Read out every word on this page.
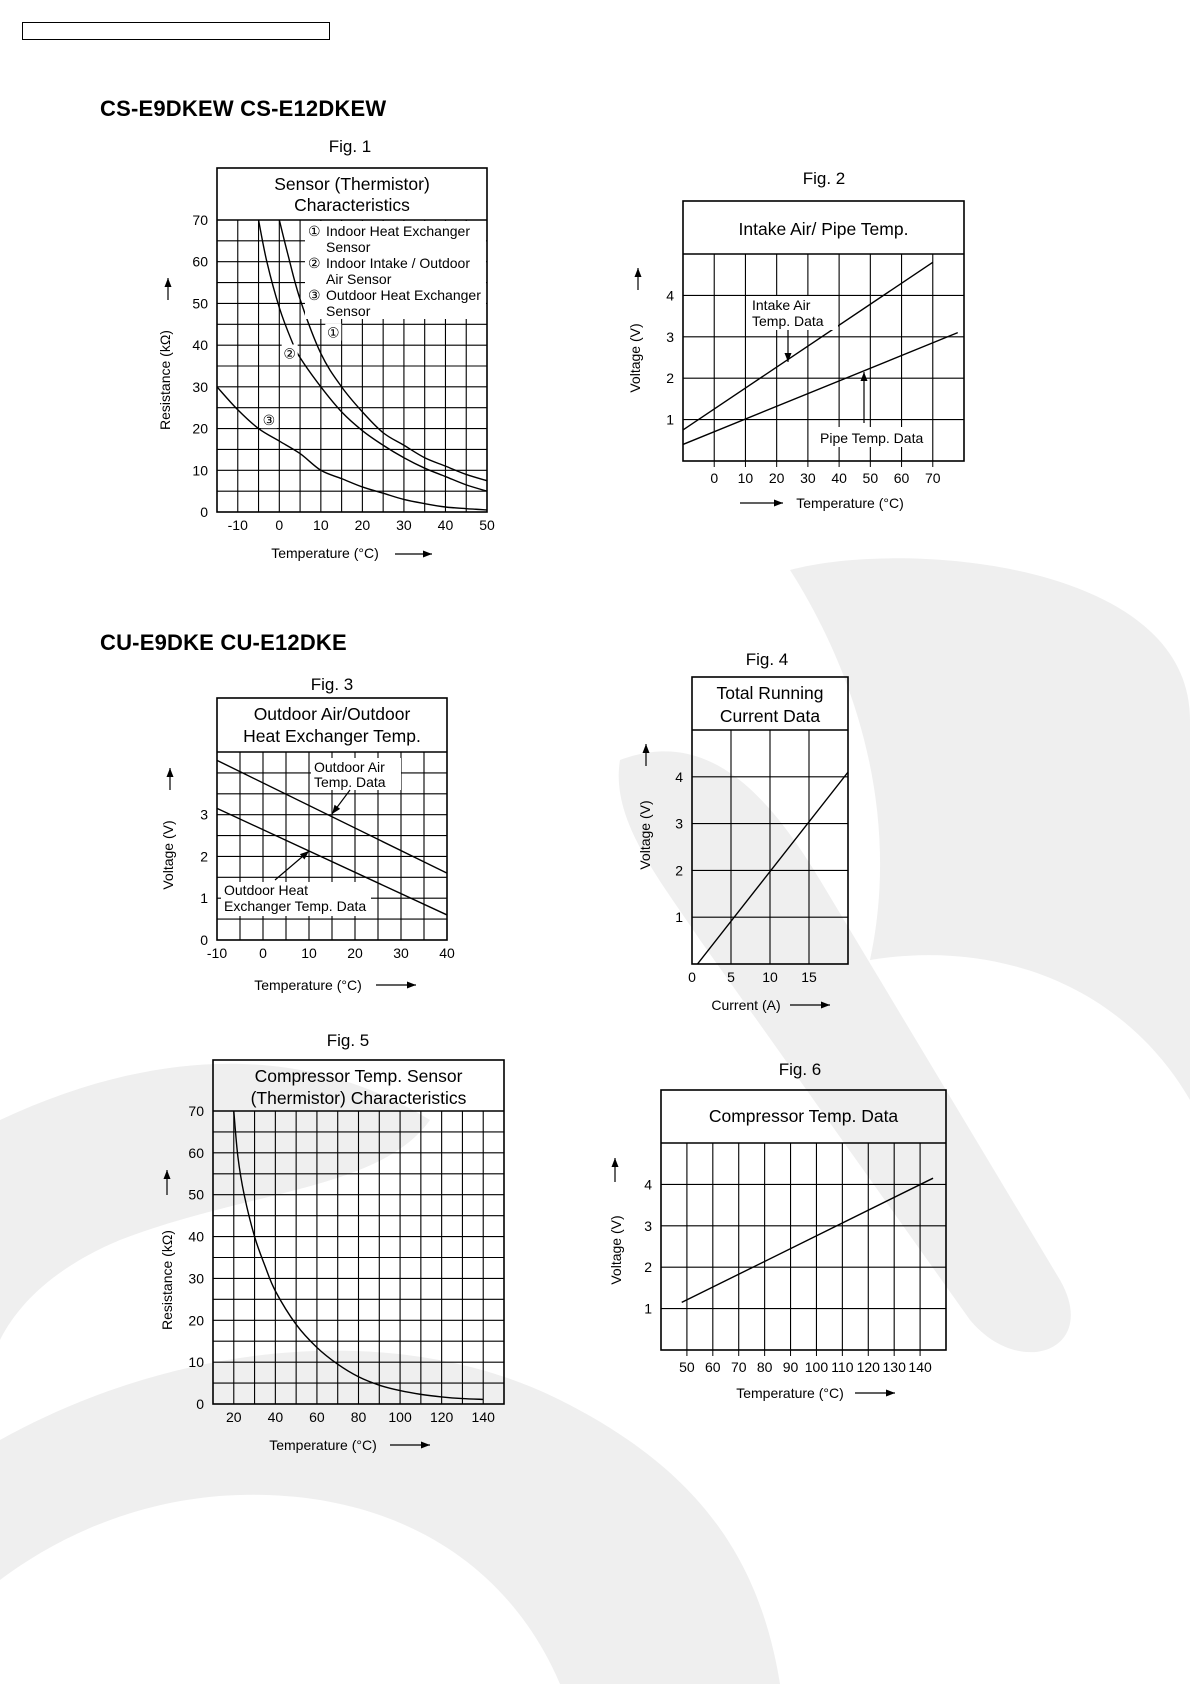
CS-E9DKEW CS-E12DKEW
CU-E9DKE CU-E12DKE
Fig. 1
Sensor (Thermistor)
Characteristics
0
10
20
30
40
50
60
70
-10 0 10 20 30 40 50
Resistance (kΩ)
Temperature (°C)
① Indoor Heat Exchanger
Sensor
② Indoor Intake / Outdoor
Air Sensor
③ Outdoor Heat Exchanger
Sensor
①
②
③
Fig. 2
Intake Air/ Pipe Temp.
1
2
3
4
0 10 20 30 40 50 60 70
Voltage (V)
Temperature (°C)
Intake Air
Temp. Data
Pipe Temp. Data
Fig. 3
Outdoor Air/Outdoor
Heat Exchanger Temp.
0
1
2
3
-10 0 10 20 30 40
Voltage (V)
Temperature (°C)
Outdoor Air
Temp. Data
Outdoor Heat
Exchanger Temp. Data
Fig. 4
Total Running
Current Data
1
2
3
4
0 5 10 15
Voltage (V)
Current (A)
Fig. 5
Compressor Temp. Sensor
(Thermistor) Characteristics
0
10
20
30
40
50
60
70
20 40 60 80 100 120 140
Resistance (kΩ)
Temperature (°C)
Fig. 6
Compressor Temp. Data
1
2
3
4
50 60 70 80 90 100 110 120 130 140
Voltage (V)
Temperature (°C)
